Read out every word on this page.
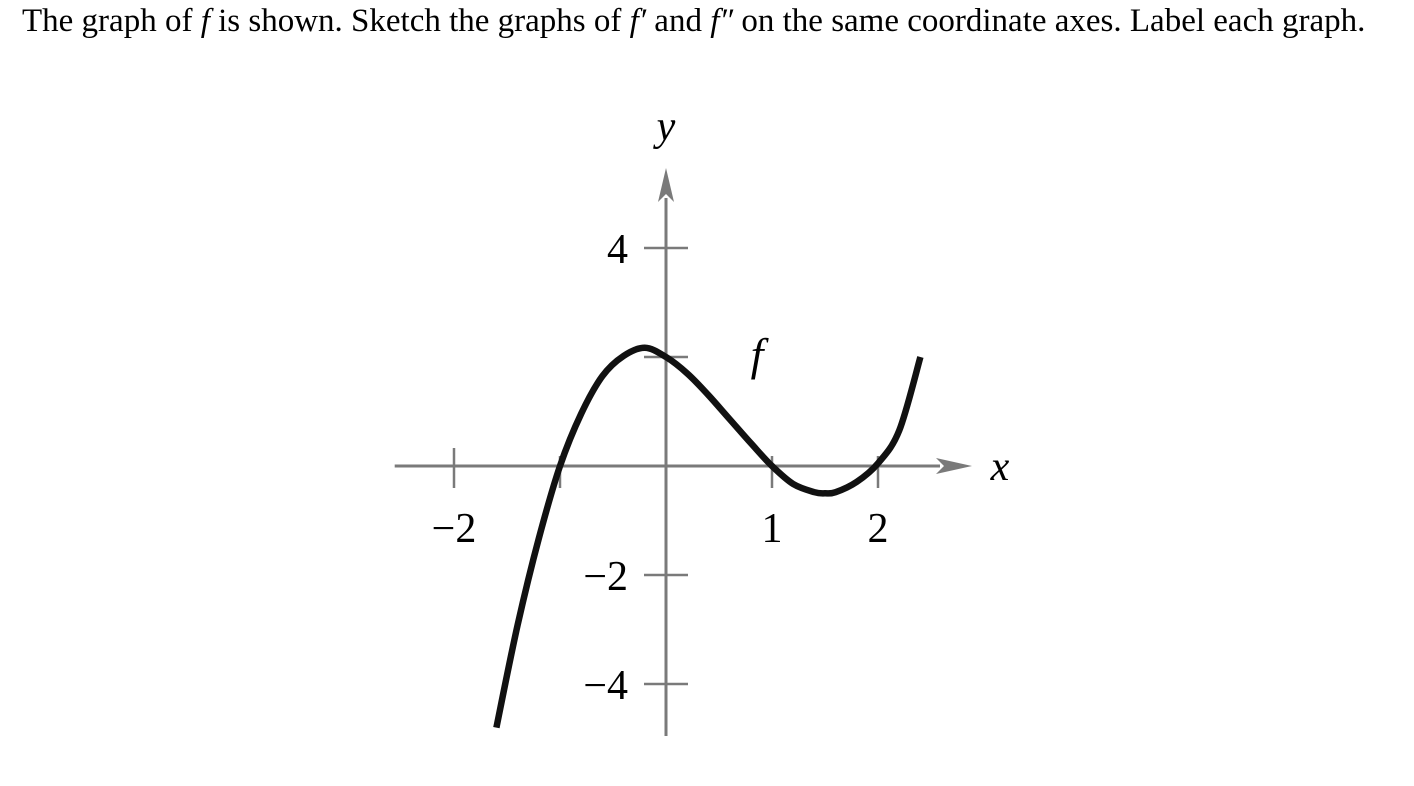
The graph of f is shown. Sketch the graphs of f′ and f″ on the same coordinate axes. Label each graph.

−2	1 2
−4
−2
4
x
y
f
